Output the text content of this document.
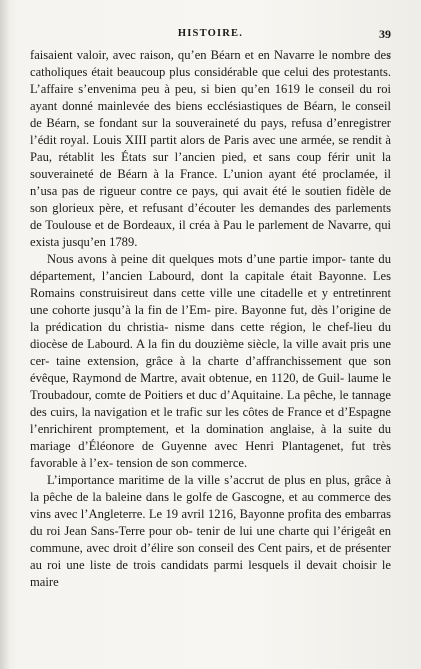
HISTOIRE.	39

faisaient valoir, avec raison, qu’en Béarn et en Navarre le nombre des catholiques était beaucoup plus considérable que celui des protestants. L’affaire s’envenima peu à peu, si bien qu’en 1619 le conseil du roi ayant donné mainlevée des biens ecclésiastiques de Béarn, le conseil de Béarn, se fondant sur la souveraineté du pays, refusa d’enregistrer l’édit royal. Louis XIII partit alors de Paris avec une armée, se rendit à Pau, rétablit les États sur l’ancien pied, et sans coup férir unit la souveraineté de Béarn à la France. L’union ayant été proclamée, il n’usa pas de rigueur contre ce pays, qui avait été le soutien fidèle de son glorieux père, et refusant d’écouter les demandes des parlements de Toulouse et de Bordeaux, il créa à Pau le parlement de Navarre, qui exista jusqu’en 1789.

Nous avons à peine dit quelques mots d’une partie impor- tante du département, l’ancien Labourd, dont la capitale était Bayonne. Les Romains construisireut dans cette ville une citadelle et y entretinrent une cohorte jusqu’à la fin de l’Em- pire. Bayonne fut, dès l’origine de la prédication du christia- nisme dans cette région, le chef-lieu du diocèse de Labourd. A la fin du douzième siècle, la ville avait pris une cer- taine extension, grâce à la charte d’affranchissement que son évêque, Raymond de Martre, avait obtenue, en 1120, de Guil- laume le Troubadour, comte de Poitiers et duc d’Aquitaine. La pêche, le tannage des cuirs, la navigation et le trafic sur les côtes de France et d’Espagne l’enrichirent promptement, et la domination anglaise, à la suite du mariage d’Éléonore de Guyenne avec Henri Plantagenet, fut très favorable à l’ex- tension de son commerce.

L’importance maritime de la ville s’accrut de plus en plus, grâce à la pêche de la baleine dans le golfe de Gascogne, et au commerce des vins avec l’Angleterre. Le 19 avril 1216, Bayonne profita des embarras du roi Jean Sans-Terre pour ob- tenir de lui une charte qui l’érigeât en commune, avec droit d’élire son conseil des Cent pairs, et de présenter au roi une liste de trois candidats parmi lesquels il devait choisir le maire
